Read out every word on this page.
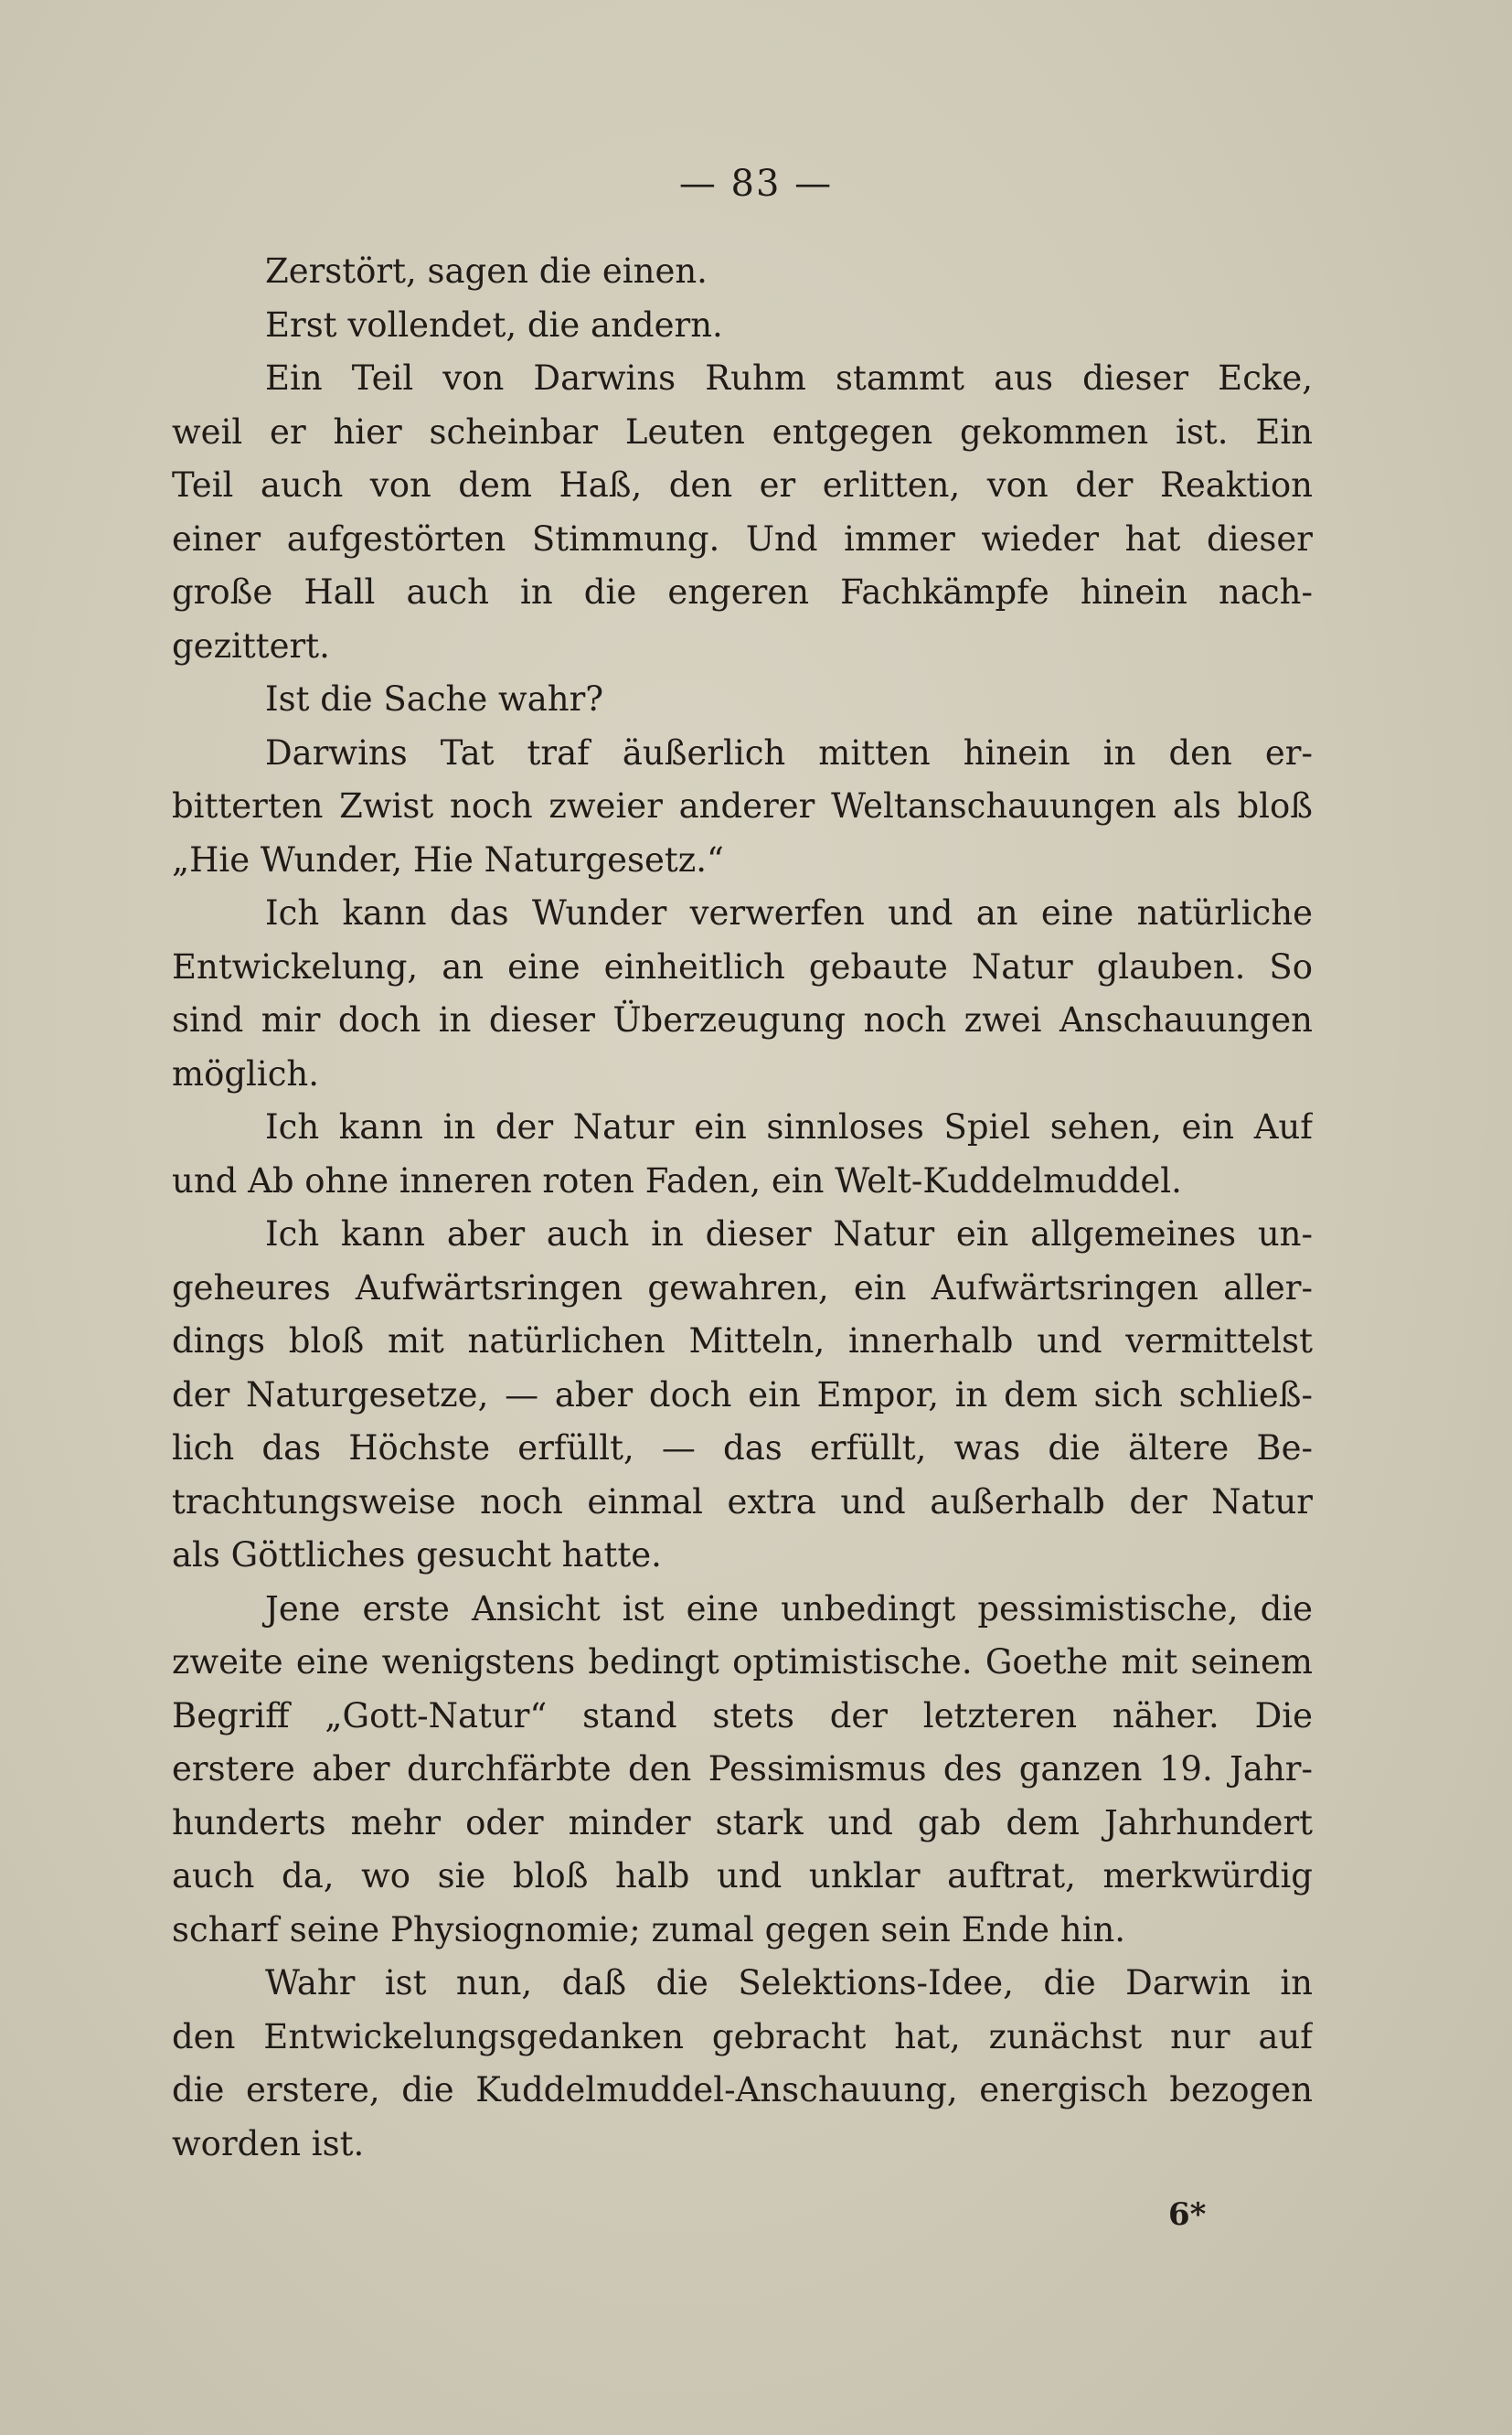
— 83 —
Zerstört, sagen die einen.
Erst vollendet, die andern.
Ein Teil von Darwins Ruhm stammt aus dieser Ecke,
weil er hier scheinbar Leuten entgegen gekommen ist. Ein
Teil auch von dem Haß, den er erlitten, von der Reaktion
einer aufgestörten Stimmung. Und immer wieder hat dieser
große Hall auch in die engeren Fachkämpfe hinein nach-
gezittert.
Ist die Sache wahr?
Darwins Tat traf äußerlich mitten hinein in den er-
bitterten Zwist noch zweier anderer Weltanschauungen als bloß
„Hie Wunder, Hie Naturgesetz.“
Ich kann das Wunder verwerfen und an eine natürliche
Entwickelung, an eine einheitlich gebaute Natur glauben. So
sind mir doch in dieser Überzeugung noch zwei Anschauungen
möglich.
Ich kann in der Natur ein sinnloses Spiel sehen, ein Auf
und Ab ohne inneren roten Faden, ein Welt-Kuddelmuddel.
Ich kann aber auch in dieser Natur ein allgemeines un-
geheures Aufwärtsringen gewahren, ein Aufwärtsringen aller-
dings bloß mit natürlichen Mitteln, innerhalb und vermittelst
der Naturgesetze, — aber doch ein Empor, in dem sich schließ-
lich das Höchste erfüllt, — das erfüllt, was die ältere Be-
trachtungsweise noch einmal extra und außerhalb der Natur
als Göttliches gesucht hatte.
Jene erste Ansicht ist eine unbedingt pessimistische, die
zweite eine wenigstens bedingt optimistische. Goethe mit seinem
Begriff „Gott-Natur“ stand stets der letzteren näher. Die
erstere aber durchfärbte den Pessimismus des ganzen 19. Jahr-
hunderts mehr oder minder stark und gab dem Jahrhundert
auch da, wo sie bloß halb und unklar auftrat, merkwürdig
scharf seine Physiognomie; zumal gegen sein Ende hin.
Wahr ist nun, daß die Selektions-Idee, die Darwin in
den Entwickelungsgedanken gebracht hat, zunächst nur auf
die erstere, die Kuddelmuddel-Anschauung, energisch bezogen
worden ist.
6*
